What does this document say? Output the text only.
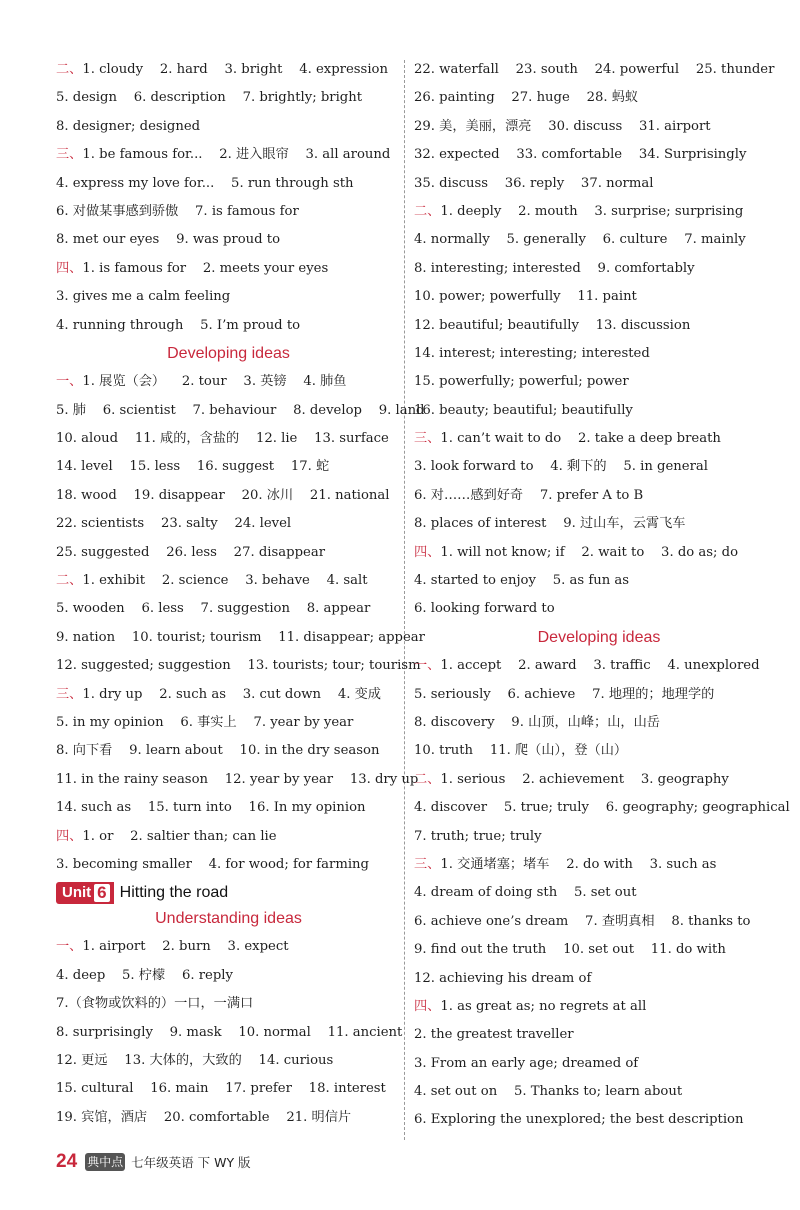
二、1. cloudy    2. hard    3. bright    4. expression
5. design    6. description    7. brightly; bright
8. designer; designed
三、1. be famous for...    2. 进入眼帘    3. all around
4. express my love for...    5. run through sth
6. 对做某事感到骄傲    7. is famous for
8. met our eyes    9. was proud to
四、1. is famous for    2. meets your eyes
3. gives me a calm feeling
4. running through    5. I’m proud to
Developing ideas
一、1. 展览（会）    2. tour    3. 英镑    4. 肺鱼
5. 肺    6. scientist    7. behaviour    8. develop    9. land
10. aloud    11. 咸的，含盐的    12. lie    13. surface
14. level    15. less    16. suggest    17. 蛇
18. wood    19. disappear    20. 冰川    21. national
22. scientists    23. salty    24. level
25. suggested    26. less    27. disappear
二、1. exhibit    2. science    3. behave    4. salt
5. wooden    6. less    7. suggestion    8. appear
9. nation    10. tourist; tourism    11. disappear; appear
12. suggested; suggestion    13. tourists; tour; tourism
三、1. dry up    2. such as    3. cut down    4. 变成
5. in my opinion    6. 事实上    7. year by year
8. 向下看    9. learn about    10. in the dry season
11. in the rainy season    12. year by year    13. dry up
14. such as    15. turn into    16. In my opinion
四、1. or    2. saltier than; can lie
3. becoming smaller    4. for wood; for farming
Unit 6 Hitting the road
Understanding ideas
一、1. airport    2. burn    3. expect
4. deep    5. 柠檬    6. reply
7.（食物或饮料的）一口，一满口
8. surprisingly    9. mask    10. normal    11. ancient
12. 更远    13. 大体的，大致的    14. curious
15. cultural    16. main    17. prefer    18. interest
19. 宾馆，酒店    20. comfortable    21. 明信片
22. waterfall    23. south    24. powerful    25. thunder
26. painting    27. huge    28. 蚂蚁
29. 美，美丽，漂亮    30. discuss    31. airport
32. expected    33. comfortable    34. Surprisingly
35. discuss    36. reply    37. normal
二、1. deeply    2. mouth    3. surprise; surprising
4. normally    5. generally    6. culture    7. mainly
8. interesting; interested    9. comfortably
10. power; powerfully    11. paint
12. beautiful; beautifully    13. discussion
14. interest; interesting; interested
15. powerfully; powerful; power
16. beauty; beautiful; beautifully
三、1. can’t wait to do    2. take a deep breath
3. look forward to    4. 剩下的    5. in general
6. 对……感到好奇    7. prefer A to B
8. places of interest    9. 过山车，云霄飞车
四、1. will not know; if    2. wait to    3. do as; do
4. started to enjoy    5. as fun as
6. looking forward to
Developing ideas
一、1. accept    2. award    3. traffic    4. unexplored
5. seriously    6. achieve    7. 地理的；地理学的
8. discovery    9. 山顶，山峰；山，山岳
10. truth    11. 爬（山），登（山）
二、1. serious    2. achievement    3. geography
4. discover    5. true; truly    6. geography; geographical
7. truth; true; truly
三、1. 交通堵塞；堵车    2. do with    3. such as
4. dream of doing sth    5. set out
6. achieve one’s dream    7. 查明真相    8. thanks to
9. find out the truth    10. set out    11. do with
12. achieving his dream of
四、1. as great as; no regrets at all
2. the greatest traveller
3. From an early age; dreamed of
4. set out on    5. Thanks to; learn about
6. Exploring the unexplored; the best description
24 典中点 七年级英语 下 WY 版
